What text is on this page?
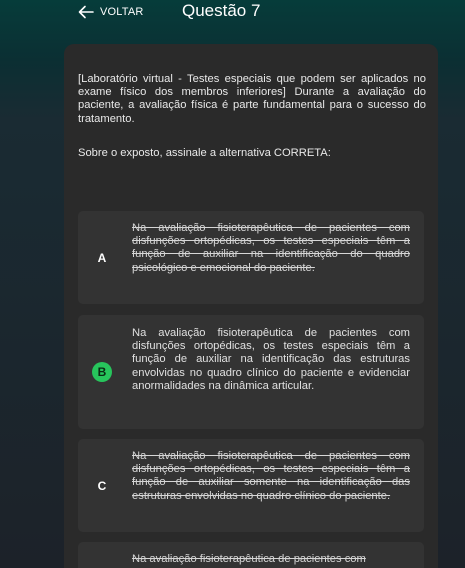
VOLTAR Questão 7
[Laboratório virtual - Testes especiais que podem ser aplicados no exame físico dos membros inferiores] Durante a avaliação do paciente, a avaliação física é parte fundamental para o sucesso do tratamento.
Sobre o exposto, assinale a alternativa CORRETA:
A
Na avaliação fisioterapêutica de pacientes com disfunções ortopédicas, os testes especiais têm a função de auxiliar na identificação do quadro psicológico e emocional do paciente.
B
Na avaliação fisioterapêutica de pacientes com disfunções ortopédicas, os testes especiais têm a função de auxiliar na identificação das estruturas envolvidas no quadro clínico do paciente e evidenciar anormalidades na dinâmica articular.
C
Na avaliação fisioterapêutica de pacientes com disfunções ortopédicas, os testes especiais têm a função de auxiliar somente na identificação das estruturas envolvidas no quadro clínico do paciente.
Na avaliação fisioterapêutica de pacientes com
